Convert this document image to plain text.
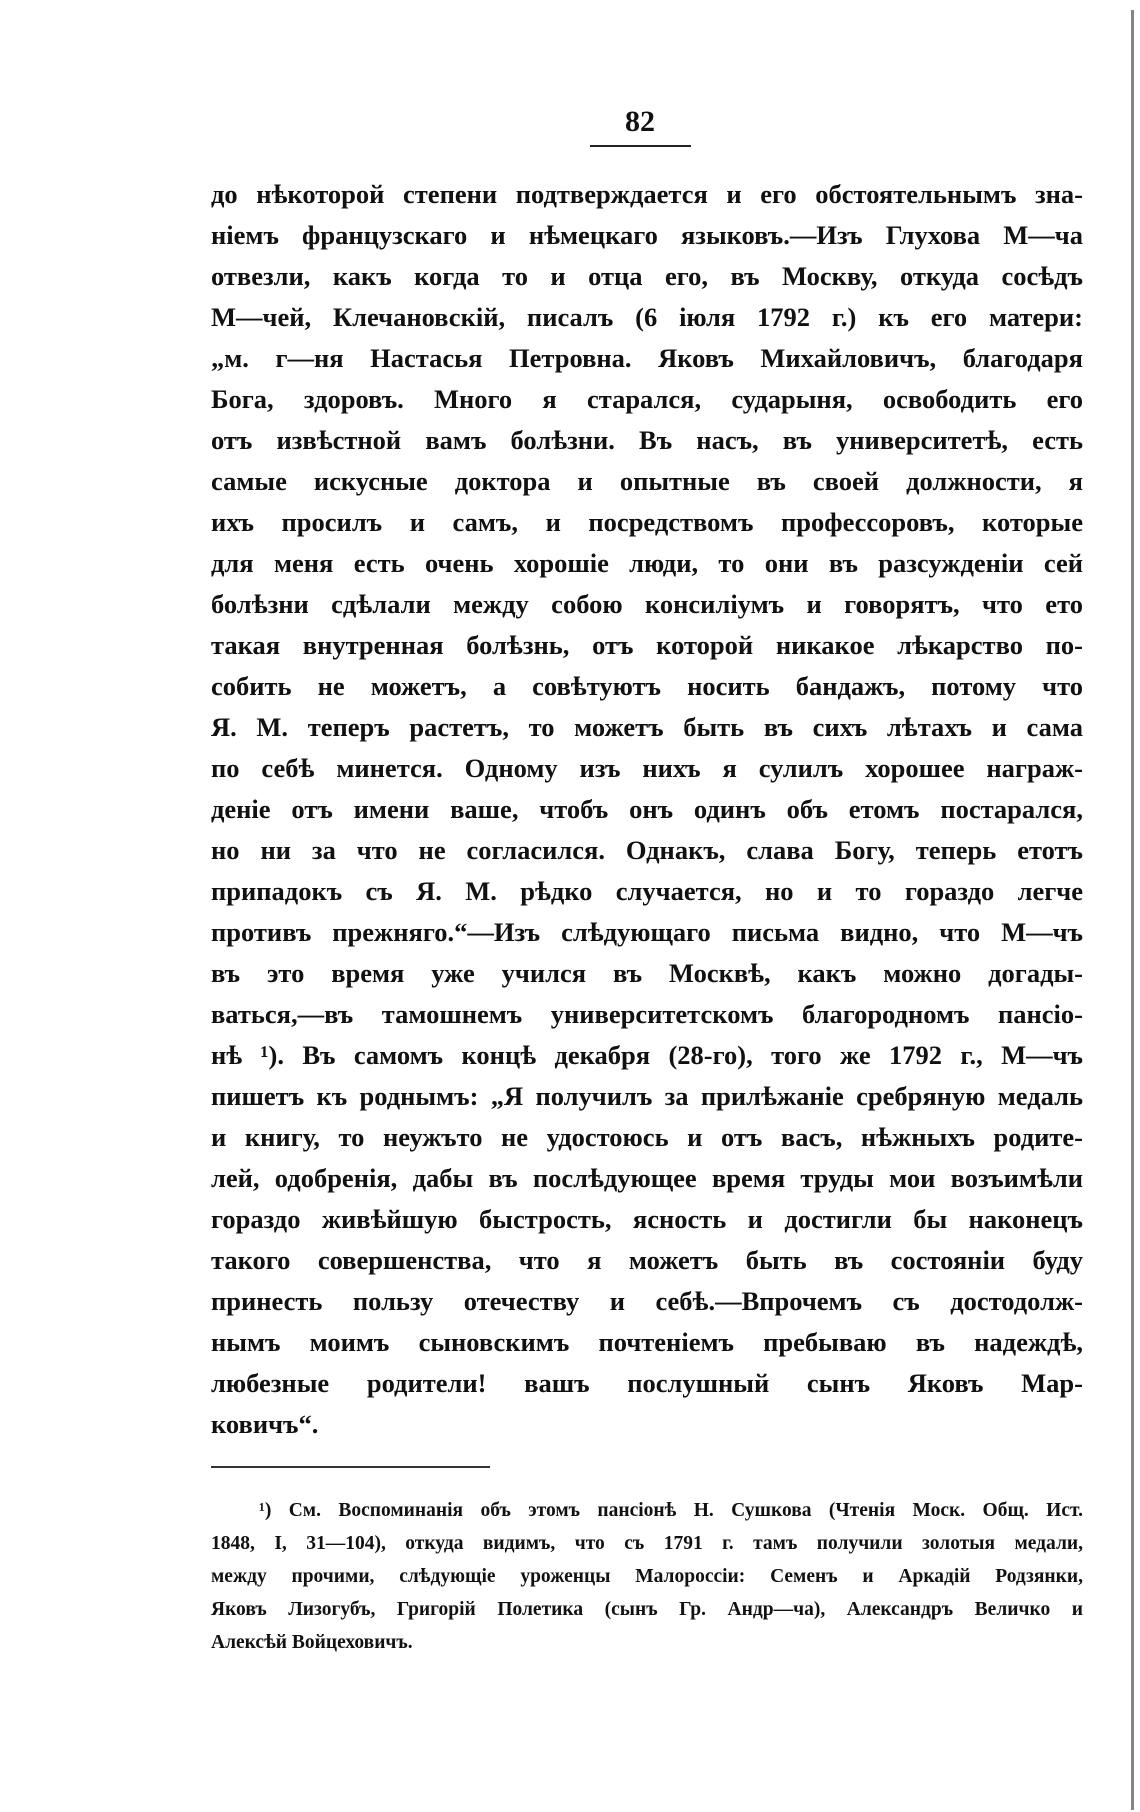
82
до нѣкоторой степени подтверждается и его обстоятельнымъ зна-
ніемъ французскаго и нѣмецкаго языковъ.—Изъ Глухова М—ча
отвезли, какъ когда то и отца его, въ Москву, откуда сосѣдъ
М—чей, Клечановскій, писалъ (6 іюля 1792 г.) къ его матери:
„м. г—ня Настасья Петровна. Яковъ Михайловичъ, благодаря
Бога, здоровъ. Много я старался, сударыня, освободить его
отъ извѣстной вамъ болѣзни. Въ насъ, въ университетѣ, есть
самые искусные доктора и опытные въ своей должности, я
ихъ просилъ и самъ, и посредствомъ профессоровъ, которые
для меня есть очень хорошіе люди, то они въ разсужденіи сей
болѣзни сдѣлали между собою консиліумъ и говорятъ, что ето
такая внутренная болѣзнь, отъ которой никакое лѣкарство по-
собить не можетъ, а совѣтуютъ носить бандажъ, потому что
Я. М. теперъ растетъ, то можетъ быть въ сихъ лѣтахъ и сама
по себѣ минется. Одному изъ нихъ я сулилъ хорошее награж-
деніе отъ имени ваше, чтобъ онъ одинъ объ етомъ постарался,
но ни за что не согласился. Однакъ, слава Богу, теперь етотъ
припадокъ съ Я. М. рѣдко случается, но и то гораздо легче
противъ прежняго.“—Изъ слѣдующаго письма видно, что М—чъ
въ это время уже учился въ Москвѣ, какъ можно догады-
ваться,—въ тамошнемъ университетскомъ благородномъ пансіо-
нѣ ¹). Въ самомъ концѣ декабря (28-го), того же 1792 г., М—чъ
пишетъ къ роднымъ: „Я получилъ за прилѣжаніе сребряную медаль
и книгу, то неужъто не удостоюсь и отъ васъ, нѣжныхъ родите-
лей, одобренія, дабы въ послѣдующее время труды мои возъимѣли
гораздо живѣйшую быстрость, ясность и достигли бы наконецъ
такого совершенства, что я можетъ быть въ состояніи буду
принесть пользу отечеству и себѣ.—Впрочемъ съ достодолж-
нымъ моимъ сыновскимъ почтеніемъ пребываю въ надеждѣ,
любезные родители! вашъ послушный сынъ Яковъ Мар-
ковичъ“.
¹) См. Воспоминанія объ этомъ пансіонѣ Н. Сушкова (Чтенія Моск. Общ. Ист.
1848, I, 31—104), откуда видимъ, что съ 1791 г. тамъ получили золотыя медали,
между прочими, слѣдующіе уроженцы Малороссіи: Семенъ и Аркадій Родзянки,
Яковъ Лизогубъ, Григорій Полетика (сынъ Гр. Андр—ча), Александръ Величко и
Алексѣй Войцеховичъ.
